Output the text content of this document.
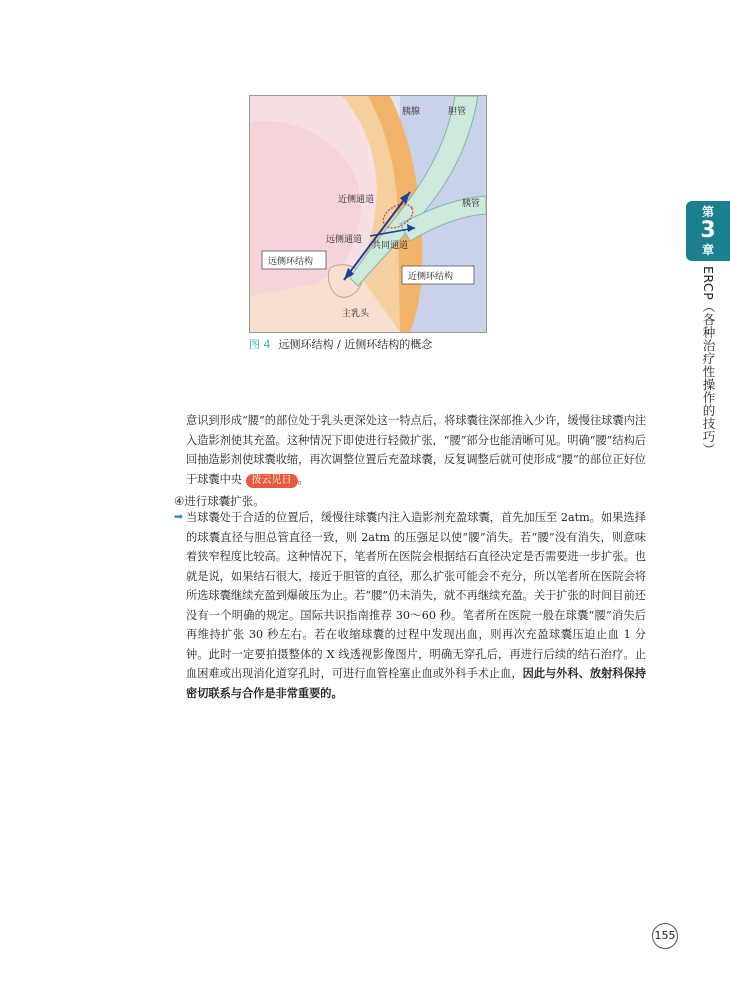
胰腺	胆管
胰管
近侧通道
远侧通道
共同通道
远侧环结构
近侧环结构
主乳头
图 4 远侧环结构 / 近侧环结构的概念
第
3
章
ERCP（各种治疗性操作的技巧）
意识到形成“腰”的部位处于乳头更深处这一特点后，将球囊往深部推入少许，缓慢往球囊内注入造影剂使其充盈。这种情况下即使进行轻微扩张，“腰”部分也能清晰可见。明确“腰”结构后回抽造影剂使球囊收缩，再次调整位置后充盈球囊，反复调整后就可使形成“腰”的部位正好位于球囊中央 拨云见日 。
④进行球囊扩张。
➡ 当球囊处于合适的位置后，缓慢往球囊内注入造影剂充盈球囊，首先加压至 2atm。如果选择的球囊直径与胆总管直径一致，则 2atm 的压强足以使“腰”消失。若“腰”没有消失，则意味着狭窄程度比较高。这种情况下，笔者所在医院会根据结石直径决定是否需要进一步扩张。也就是说，如果结石很大，接近于胆管的直径，那么扩张可能会不充分，所以笔者所在医院会将所选球囊继续充盈到爆破压为止。若“腰”仍未消失，就不再继续充盈。关于扩张的时间目前还没有一个明确的规定。国际共识指南推荐 30～60 秒。笔者所在医院一般在球囊“腰”消失后再维持扩张 30 秒左右。若在收缩球囊的过程中发现出血，则再次充盈球囊压迫止血 1 分钟。此时一定要拍摄整体的 X 线透视影像图片，明确无穿孔后，再进行后续的结石治疗。止血困难或出现消化道穿孔时，可进行血管栓塞止血或外科手术止血，因此与外科、放射科保持密切联系与合作是非常重要的。
155
